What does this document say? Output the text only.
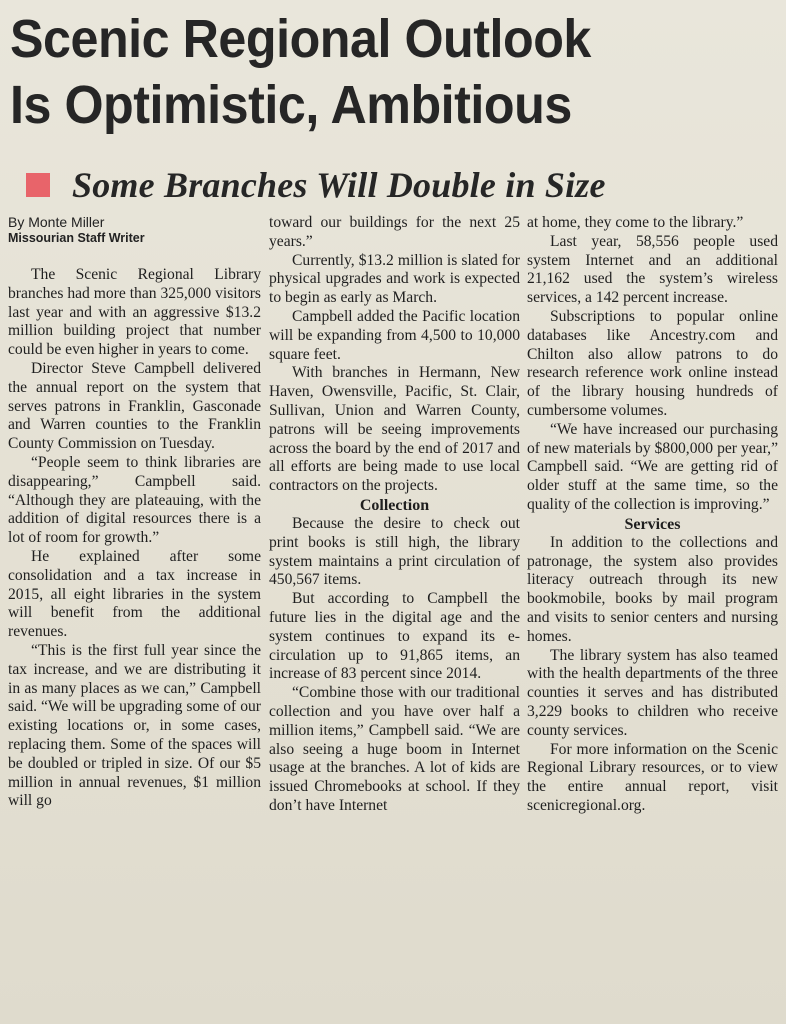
Scenic Regional Outlook
Is Optimistic, Ambitious
Some Branches Will Double in Size
By Monte Miller
Missourian Staff Writer

The Scenic Regional Library branches had more than 325,000 visitors last year and with an aggressive $13.2 million building project that number could be even higher in years to come.

Director Steve Campbell delivered the annual report on the system that serves patrons in Franklin, Gasconade and Warren counties to the Franklin County Commission on Tuesday.

“People seem to think libraries are disappearing,” Campbell said. “Although they are plateauing, with the addition of digital resources there is a lot of room for growth.”

He explained after some consolidation and a tax increase in 2015, all eight libraries in the system will benefit from the additional revenues.

“This is the first full year since the tax increase, and we are distributing it in as many places as we can,” Campbell said. “We will be upgrading some of our existing locations or, in some cases, replacing them. Some of the spaces will be doubled or tripled in size. Of our $5 million in annual revenues, $1 million will go

toward our buildings for the next 25 years.”

Currently, $13.2 million is slated for physical upgrades and work is expected to begin as early as March.

Campbell added the Pacific location will be expanding from 4,500 to 10,000 square feet.

With branches in Hermann, New Haven, Owensville, Pacific, St. Clair, Sullivan, Union and Warren County, patrons will be seeing improvements across the board by the end of 2017 and all efforts are being made to use local contractors on the projects.

Collection

Because the desire to check out print books is still high, the library system maintains a print circulation of 450,567 items.

But according to Campbell the future lies in the digital age and the system continues to expand its e-circulation up to 91,865 items, an increase of 83 percent since 2014.

“Combine those with our traditional collection and you have over half a million items,” Campbell said. “We are also seeing a huge boom in Internet usage at the branches. A lot of kids are issued Chromebooks at school. If they don’t have Internet

at home, they come to the library.”

Last year, 58,556 people used system Internet and an additional 21,162 used the system’s wireless services, a 142 percent increase.

Subscriptions to popular online databases like Ancestry.com and Chilton also allow patrons to do research reference work online instead of the library housing hundreds of cumbersome volumes.

“We have increased our purchasing of new materials by $800,000 per year,” Campbell said. “We are getting rid of older stuff at the same time, so the quality of the collection is improving.”

Services

In addition to the collections and patronage, the system also provides literacy outreach through its new bookmobile, books by mail program and visits to senior centers and nursing homes.

The library system has also teamed with the health departments of the three counties it serves and has distributed 3,229 books to children who receive county services.

For more information on the Scenic Regional Library resources, or to view the entire annual report, visit scenicregional.org.
